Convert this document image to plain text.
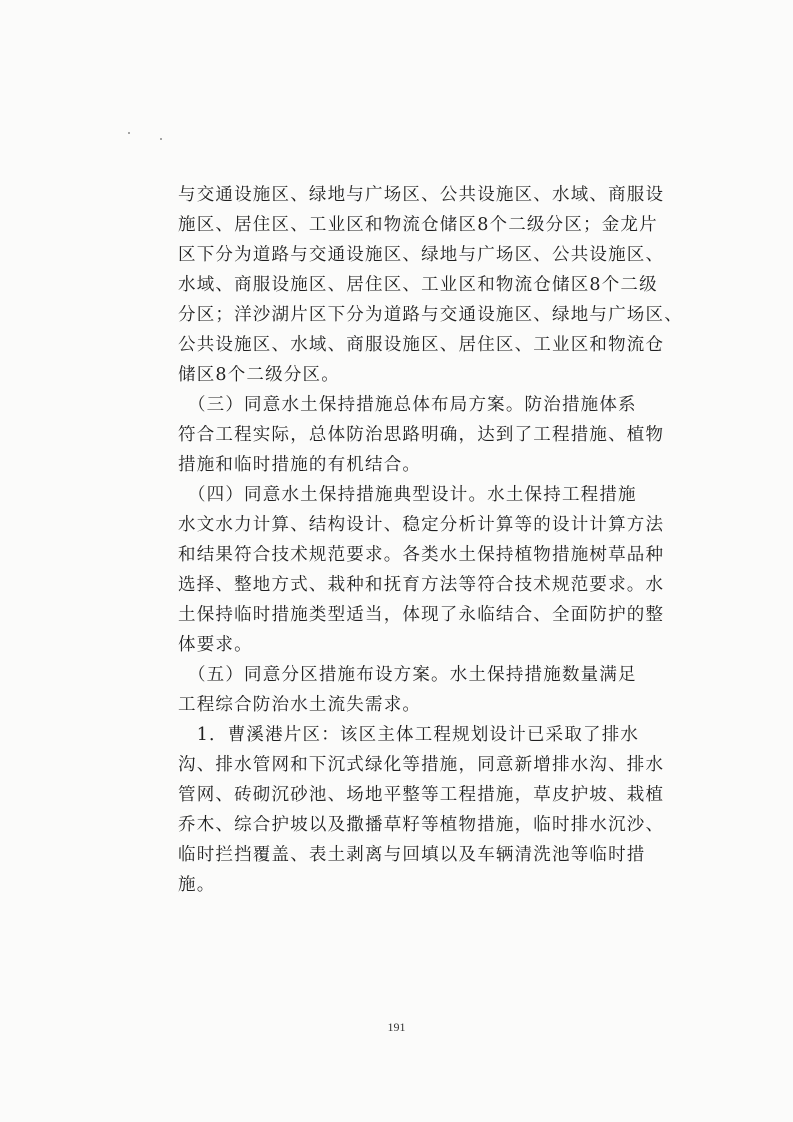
与交通设施区、绿地与广场区、公共设施区、水域、商服设

施区、居住区、工业区和物流仓储区8个二级分区；金龙片

区下分为道路与交通设施区、绿地与广场区、公共设施区、

水域、商服设施区、居住区、工业区和物流仓储区8个二级

分区；洋沙湖片区下分为道路与交通设施区、绿地与广场区、

公共设施区、水域、商服设施区、居住区、工业区和物流仓

储区8个二级分区。

　（三）同意水土保持措施总体布局方案。防治措施体系

符合工程实际，总体防治思路明确，达到了工程措施、植物

措施和临时措施的有机结合。

　（四）同意水土保持措施典型设计。水土保持工程措施

水文水力计算、结构设计、稳定分析计算等的设计计算方法

和结果符合技术规范要求。各类水土保持植物措施树草品种

选择、整地方式、栽种和抚育方法等符合技术规范要求。水

土保持临时措施类型适当，体现了永临结合、全面防护的整

体要求。

　（五）同意分区措施布设方案。水土保持措施数量满足

工程综合防治水土流失需求。

　1．曹溪港片区：该区主体工程规划设计已采取了排水

沟、排水管网和下沉式绿化等措施，同意新增排水沟、排水

管网、砖砌沉砂池、场地平整等工程措施，草皮护坡、栽植

乔木、综合护坡以及撒播草籽等植物措施，临时排水沉沙、

临时拦挡覆盖、表土剥离与回填以及车辆清洗池等临时措

施。

191
